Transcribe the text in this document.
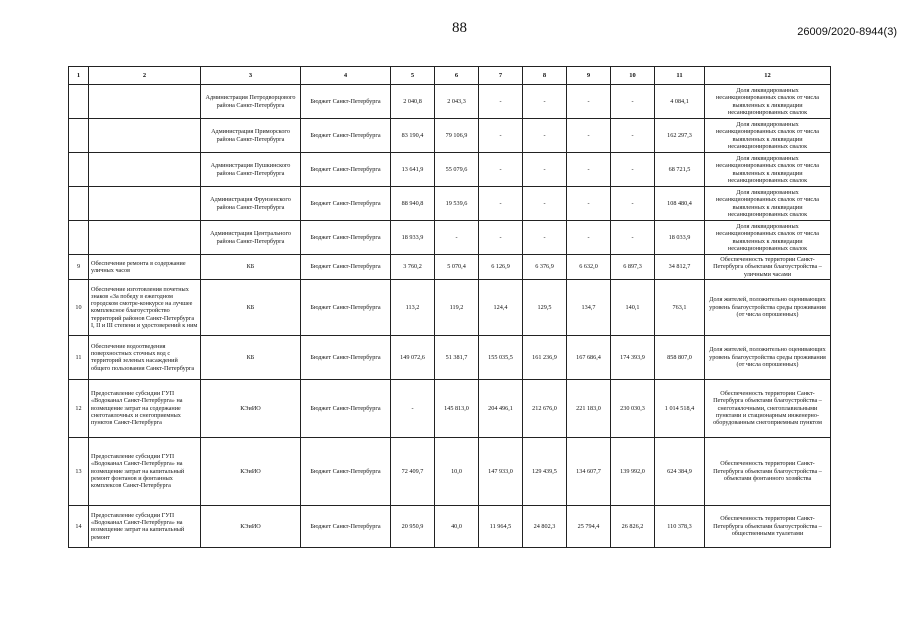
88	26009/2020-8944(3)
1	2	3	4	5	6	7	8	9	10	11	12
		Администрация Петродворцового района Санкт-Петербурга	Бюджет Санкт-Петербурга	2 040,8	2 043,3	-	-	-	-	4 084,1	Доля ликвидированных несанкционированных свалок от числа выявленных к ликвидации несанкционированных свалок
		Администрация Приморского района Санкт-Петербурга	Бюджет Санкт-Петербурга	83 190,4	79 106,9	-	-	-	-	162 297,3	Доля ликвидированных несанкционированных свалок от числа выявленных к ликвидации несанкционированных свалок
		Администрация Пушкинского района Санкт-Петербурга	Бюджет Санкт-Петербурга	13 641,9	55 079,6	-	-	-	-	68 721,5	Доля ликвидированных несанкционированных свалок от числа выявленных к ликвидации несанкционированных свалок
		Администрация Фрунзенского района Санкт-Петербурга	Бюджет Санкт-Петербурга	88 940,8	19 539,6	-	-	-	-	108 480,4	Доля ликвидированных несанкционированных свалок от числа выявленных к ликвидации несанкционированных свалок
		Администрация Центрального района Санкт-Петербурга	Бюджет Санкт-Петербурга	18 933,9	-	-	-	-	-	18 033,9	Доля ликвидированных несанкционированных свалок от числа выявленных к ликвидации несанкционированных свалок
9	Обеспечение ремонта в содержание уличных часов	КБ	Бюджет Санкт-Петербурга	3 760,2	5 070,4	6 126,9	6 376,9	6 632,0	6 897,3	34 812,7	Обеспеченность территории Санкт-Петербурга объектами благоустройства – уличными часами
10	Обеспечение изготовления почетных знаков «За победу в ежегодном городском смотре-конкурсе на лучшее комплексное благоустройство территорий районов Санкт-Петербурга I, II и III степени и удостоверений к ним	КБ	Бюджет Санкт-Петербурга	113,2	119,2	124,4	129,5	134,7	140,1	763,1	Доля жителей, положительно оценивающих уровень благоустройства среды проживания (от числа опрошенных)
11	Обеспечение водоотведения поверхностных сточных вод с территорий зеленых насаждений общего пользования Санкт-Петербурга	КБ	Бюджет Санкт-Петербурга	149 072,6	51 381,7	155 035,5	161 236,9	167 686,4	174 393,9	858 807,0	Доля жителей, положительно оценивающих уровень благоустройства среды проживания (от числа опрошенных)
12	Предоставление субсидии ГУП «Водоканал Санкт-Петербурга» на возмещение затрат на содержание снеготаялочных и снегоприемных пунктов Санкт-Петербурга	КЭиИО	Бюджет Санкт-Петербурга	-	145 813,0	204 496,1	212 676,0	221 183,0	230 030,3	1 014 518,4	Обеспеченность территории Санкт-Петербурга объектами благоустройства – снеготаялочными, снегоплавильными пунктами и стационарным инженерно-оборудованным снегоприемным пунктом
13	Предоставление субсидии ГУП «Водоканал Санкт-Петербурга» на возмещение затрат на капитальный ремонт фонтанов и фонтанных комплексов Санкт-Петербурга	КЭиИО	Бюджет Санкт-Петербурга	72 409,7	10,0	147 933,0	129 439,5	134 607,7	139 992,0	624 384,9	Обеспеченность территории Санкт-Петербурга объектами благоустройства – объектами фонтанного хозяйства
14	Предоставление субсидии ГУП «Водоканал Санкт-Петербурга» на возмещение затрат на капитальный ремонт	КЭиИО	Бюджет Санкт-Петербурга	20 950,9	40,0	11 964,5	24 802,3	25 794,4	26 826,2	110 378,3	Обеспеченность территории Санкт-Петербурга объектами благоустройства –общественными туалетами
